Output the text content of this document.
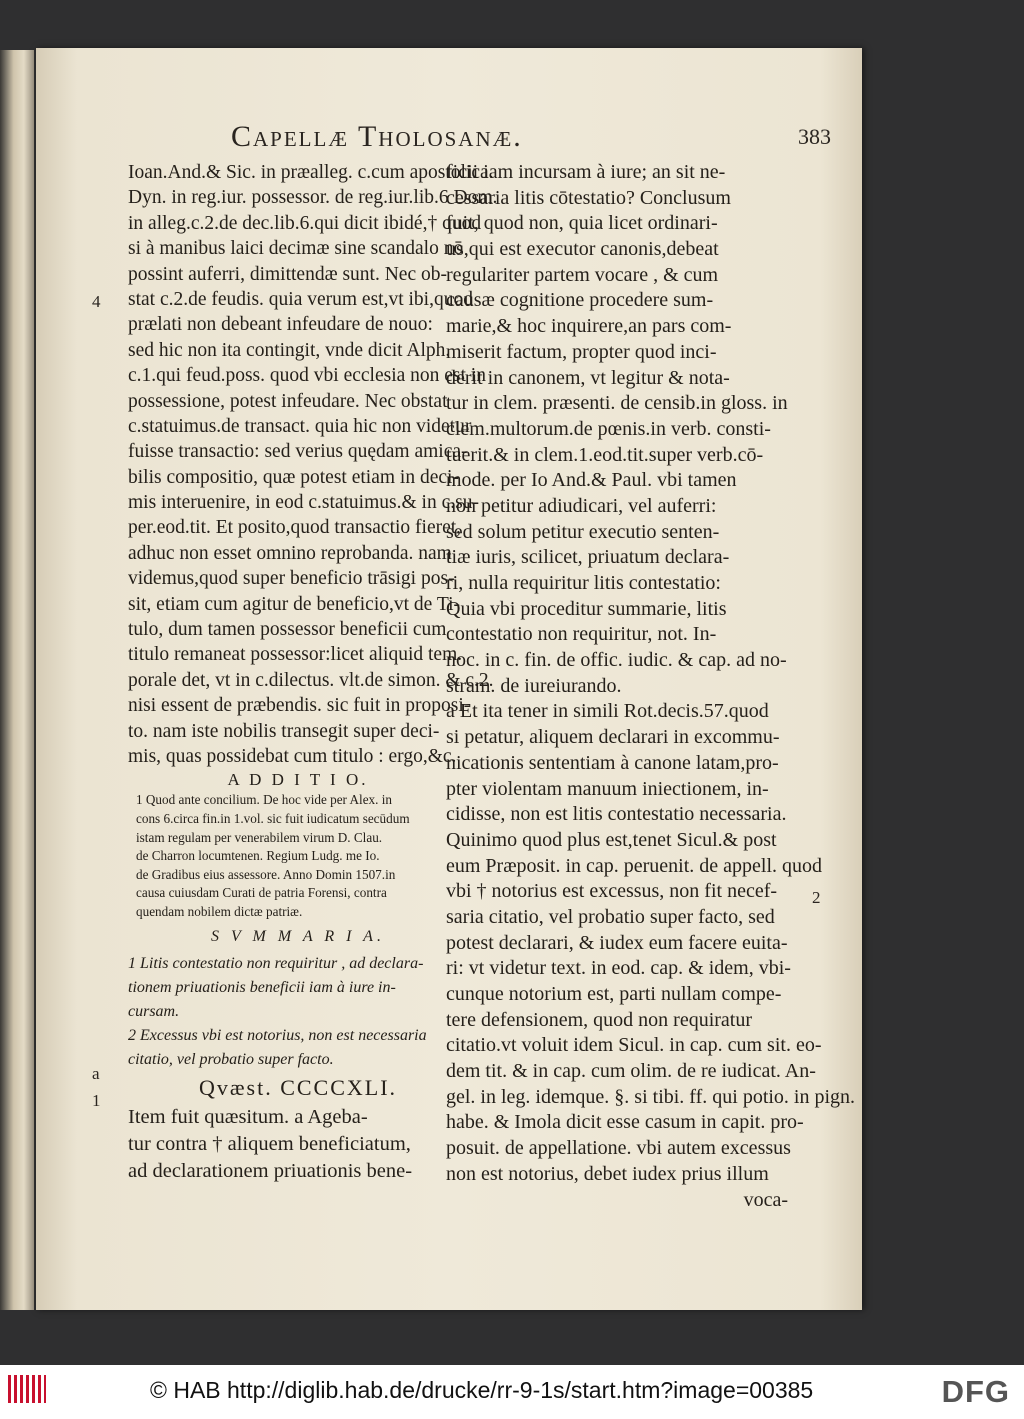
Capellæ Tholosanæ.	383
Ioan.And.& Sic. in præalleg. c.cum apostolica.
Dyn. in reg.iur. possessor. de reg.iur.lib.6 Dom.
in alleg.c.2.de dec.lib.6.qui dicit ibidé,† quod
si à manibus laici decimæ sine scandalo nō
possint auferri, dimittendæ sunt. Nec ob-
stat c.2.de feudis. quia verum est,vt ibi,quod
prælati non debeant infeudare de nouo:
sed hic non ita contingit, vnde dicit Alph.
c.1.qui feud.poss. quod vbi ecclesia non est in
possessione, potest infeudare. Nec obstat
c.statuimus.de transact. quia hic non videtur
fuisse transactio: sed verius quędam amica-
bilis compositio, quæ potest etiam in deci-
mis interuenire, in eod c.statuimus.& in c.su-
per.eod.tit. Et posito,quod transactio fieret,
adhuc non esset omnino reprobanda. nam
videmus,quod super beneficio trāsigi pos-
sit, etiam cum agitur de beneficio,vt de Ti-
tulo, dum tamen possessor beneficii cum
titulo remaneat possessor:licet aliquid tem.
porale det, vt in c.dilectus. vlt.de simon. & c.2.
nisi essent de præbendis. sic fuit in proposi-
to. nam iste nobilis transegit super deci-
mis, quas possidebat cum titulo : ergo,&c.
A D D I T I O.
1 Quod ante concilium. De hoc vide per Alex. in
cons 6.circa fin.in 1.vol. sic fuit iudicatum secūdum
istam regulam per venerabilem virum D. Clau.
de Charron locumtenen. Regium Ludg. me Io.
de Gradibus eius assessore. Anno Domin 1507.in
causa cuiusdam Curati de patria Forensi, contra
quendam nobilem dictæ patriæ.
S V M M A R I A.
1 Litis contestatio non requiritur , ad declara-
tionem priuationis beneficii iam à iure in-
cursam.
2 Excessus vbi est notorius, non est necessaria
citatio, vel probatio super facto.
Qvæst. CCCCXLI.
Item fuit quæsitum. a Ageba-
tur contra † aliquem beneficiatum,
ad declarationem priuationis bene-
ficii iam incursam à iure; an sit ne-
cessaria litis cōtestatio? Conclusum
fuit, quod non, quia licet ordinari-
us,qui est executor canonis,debeat
regulariter partem vocare , & cum
causæ cognitione procedere sum-
marie,& hoc inquirere,an pars com-
miserit factum, propter quod inci-
derit in canonem, vt legitur & nota-
tur in clem. præsenti. de censib.in gloss. in
clem.multorum.de pœnis.in verb. consti-
tuerit.& in clem.1.eod.tit.super verb.cō-
mode. per Io And.& Paul. vbi tamen
non petitur adiudicari, vel auferri:
sed solum petitur executio senten-
tiæ iuris, scilicet, priuatum declara-
ri, nulla requiritur litis contestatio:
Quia vbi proceditur summarie, litis
contestatio non requiritur, not. In-
noc. in c. fin. de offic. iudic. & cap. ad no-
stram. de iureiurando.
a Et ita tener in simili Rot.decis.57.quod
si petatur, aliquem declarari in excommu-
nicationis sententiam à canone latam,pro-
pter violentam manuum iniectionem, in-
cidisse, non est litis contestatio necessaria.
Quinimo quod plus est,tenet Sicul.& post
eum Præposit. in cap. peruenit. de appell. quod
vbi † notorius est excessus, non fit necef-
saria citatio, vel probatio super facto, sed
potest declarari, & iudex eum facere euita-
ri: vt videtur text. in eod. cap. & idem, vbi-
cunque notorium est, parti nullam compe-
tere defensionem, quod non requiratur
citatio.vt voluit idem Sicul. in cap. cum sit. eo-
dem tit. & in cap. cum olim. de re iudicat. An-
gel. in leg. idemque. §. si tibi. ff. qui potio. in pign.
habe. & Imola dicit esse casum in capit. pro-
posuit. de appellatione. vbi autem excessus
non est notorius, debet iudex prius illum
voca-
4
a
1
2
© HAB http://diglib.hab.de/drucke/rr-9-1s/start.htm?image=00385	DFG
